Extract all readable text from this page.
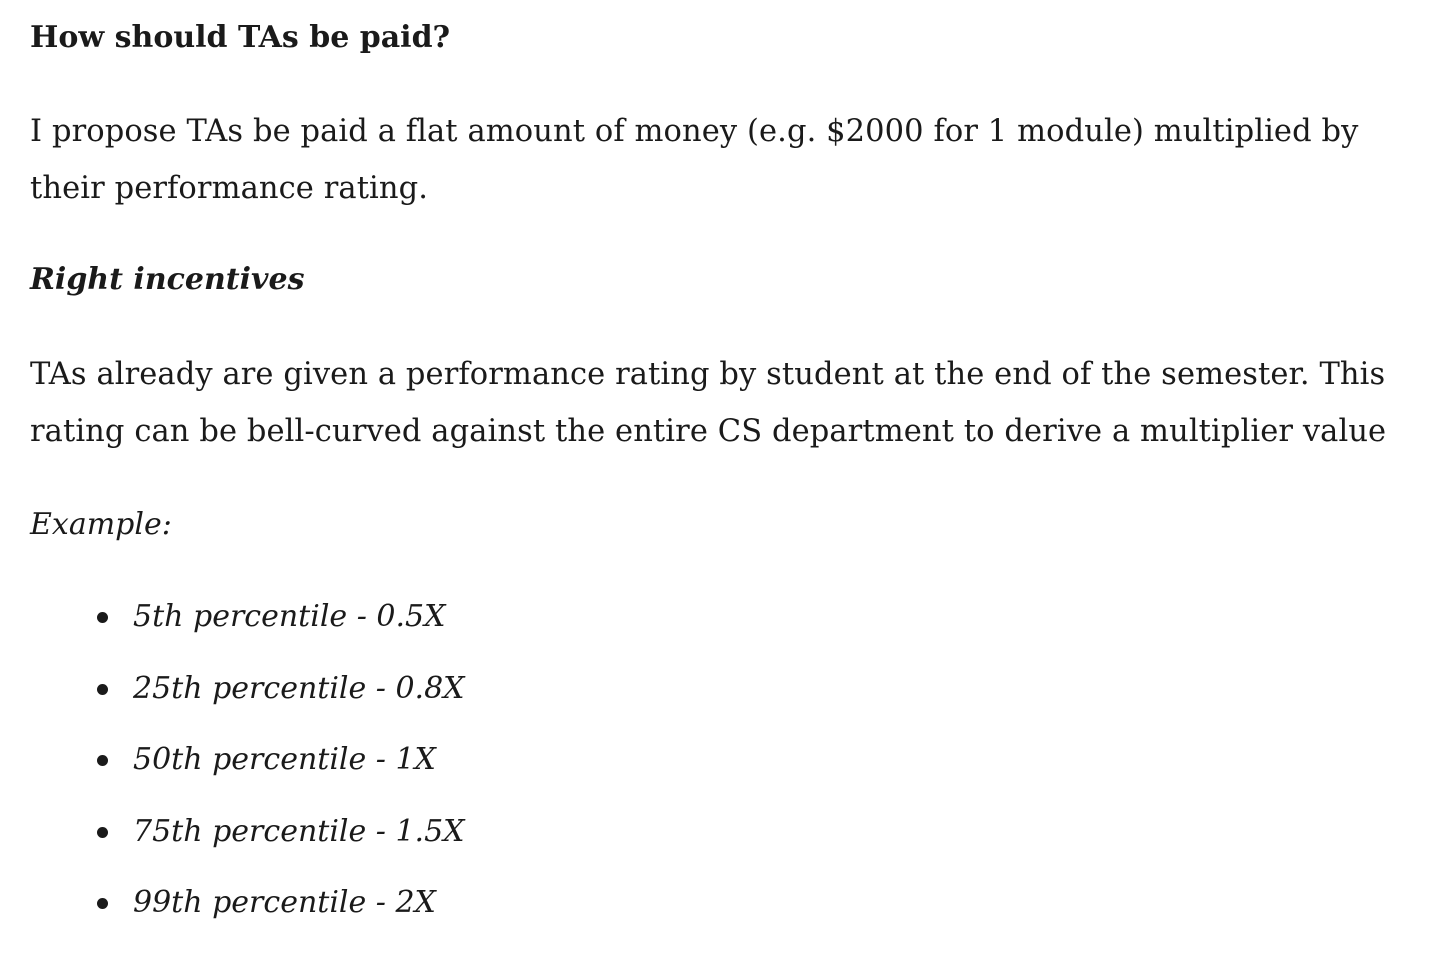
How should TAs be paid?
I propose TAs be paid a flat amount of money (e.g. $2000 for 1 module) multiplied by their performance rating.
Right incentives
TAs already are given a performance rating by student at the end of the semester. This rating can be bell-curved against the entire CS department to derive a multiplier value
Example:
5th percentile - 0.5X
25th percentile - 0.8X
50th percentile - 1X
75th percentile - 1.5X
99th percentile - 2X
